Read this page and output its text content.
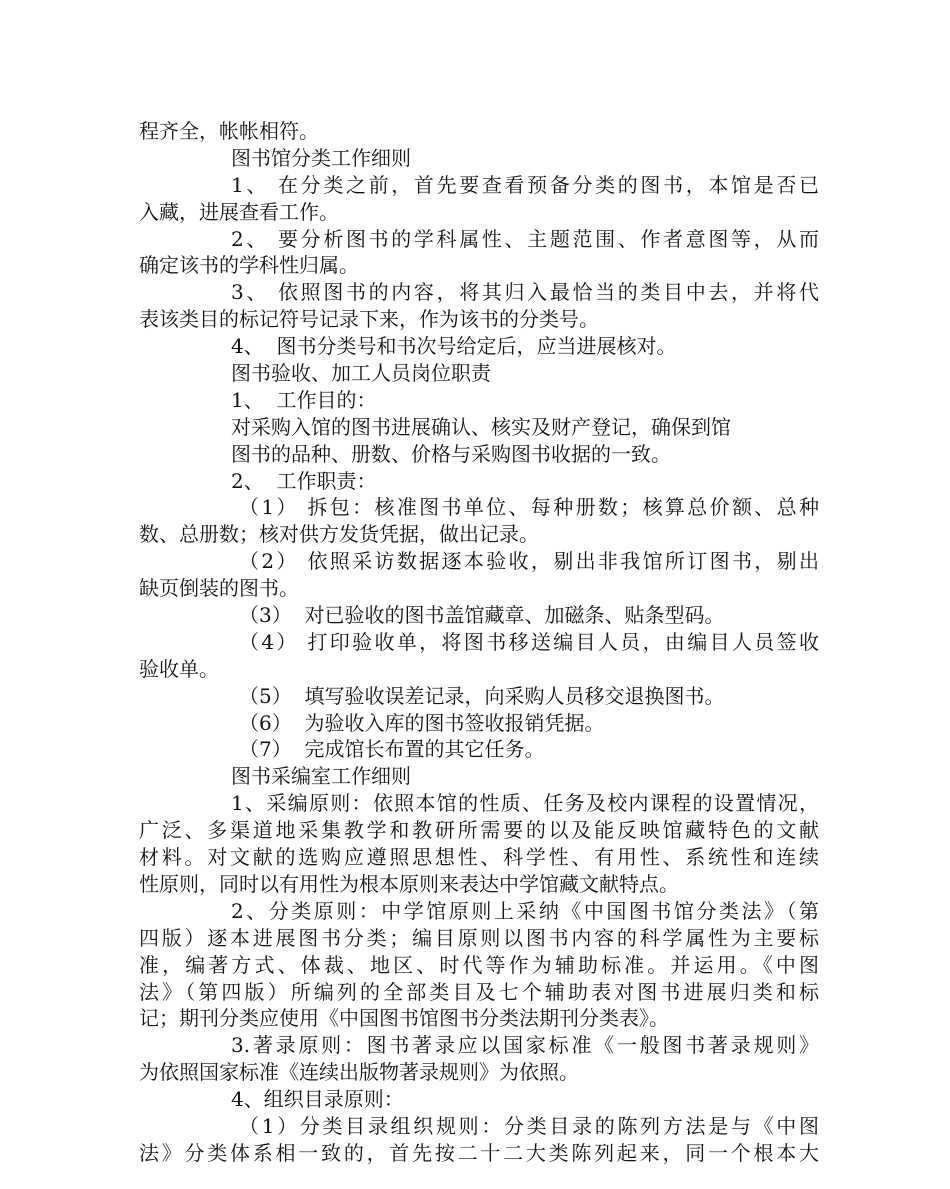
程齐全，帐帐相符。
图书馆分类工作细则
1、 在分类之前，首先要查看预备分类的图书，本馆是否已
入藏，进展查看工作。
2、 要分析图书的学科属性、主题范围、作者意图等，从而
确定该书的学科性归属。
3、 依照图书的内容，将其归入最恰当的类目中去，并将代
表该类目的标记符号记录下来，作为该书的分类号。
4、  图书分类号和书次号给定后，应当进展核对。
图书验收、加工人员岗位职责
1、  工作目的：
对采购入馆的图书进展确认、核实及财产登记，确保到馆
图书的品种、册数、价格与采购图书收据的一致。
2、  工作职责：
（1） 拆包：核准图书单位、每种册数；核算总价额、总种
数、总册数；核对供方发货凭据，做出记录。
（2） 依照采访数据逐本验收，剔出非我馆所订图书，剔出
缺页倒装的图书。
（3）  对已验收的图书盖馆藏章、加磁条、贴条型码。
（4） 打印验收单，将图书移送编目人员，由编目人员签收
验收单。
（5）  填写验收误差记录，向采购人员移交退换图书。
（6）  为验收入库的图书签收报销凭据。
（7）  完成馆长布置的其它任务。
图书采编室工作细则
1、采编原则：依照本馆的性质、任务及校内课程的设置情况，
广泛、多渠道地采集教学和教研所需要的以及能反映馆藏特色的文献
材料。对文献的选购应遵照思想性、科学性、有用性、系统性和连续
性原则，同时以有用性为根本原则来表达中学馆藏文献特点。
2、分类原则：中学馆原则上采纳《中国图书馆分类法》（第
四版）逐本进展图书分类；编目原则以图书内容的科学属性为主要标
准，编著方式、体裁、地区、时代等作为辅助标准。并运用。《中图
法》（第四版）所编列的全部类目及七个辅助表对图书进展归类和标
记；期刊分类应使用《中国图书馆图书分类法期刊分类表》。
3.著录原则：图书著录应以国家标准《一般图书著录规则》
为依照国家标准《连续出版物著录规则》为依照。
4、组织目录原则：
（1）分类目录组织规则：分类目录的陈列方法是与《中图
法》分类体系相一致的，首先按二十二大类陈列起来，同一个根本大
